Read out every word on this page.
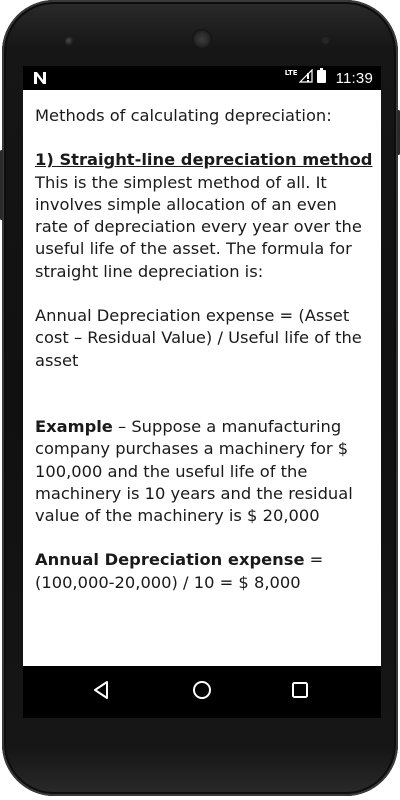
LTE	11:39

Methods of calculating depreciation:

1) Straight-line depreciation method

This is the simplest method of all. It involves simple allocation of an even rate of depreciation every year over the useful life of the asset. The formula for straight line depreciation is:

Annual Depreciation expense = (Asset cost – Residual Value) / Useful life of the asset

Example – Suppose a manufacturing company purchases a machinery for $ 100,000 and the useful life of the machinery is 10 years and the residual value of the machinery is $ 20,000

Annual Depreciation expense = (100,000-20,000) / 10 = $ 8,000
